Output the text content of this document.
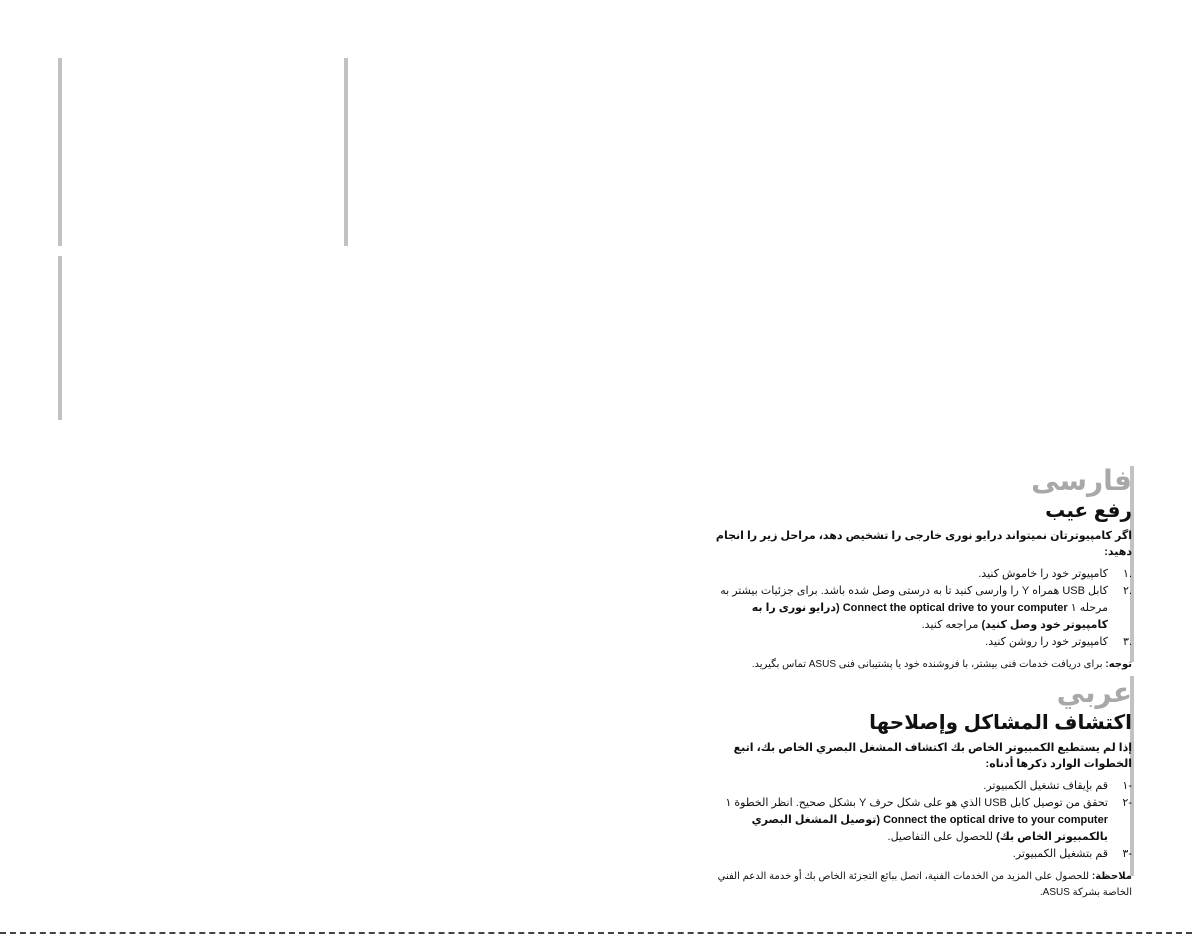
فارسی
رفع عیب

اگر کامپیوترتان نمیتواند درایو نوری خارجی را تشخیص دهد، مراحل زیر را انجام دهید:

.۱
کامپیوتر خود را خاموش کنید.
.۲
کابل USB همراه Y را وارسی کنید تا به درستی وصل شده باشد. برای جزئیات بیشتر به مرحله ۱ Connect the optical drive to your computer (درایو نوری را به کامپیوتر خود وصل کنید) مراجعه کنید.
.۳
کامپیوتر خود را روشن کنید.

توجه: برای دریافت خدمات فنی بیشتر، با فروشنده خود یا پشتیبانی فنی ASUS تماس بگیرید.

عربي
اكتشاف المشاكل وإصلاحها

إذا لم يستطيع الكمبيوتر الخاص بك اكتشاف المشغل البصري الخاص بك، اتبع الخطوات الوارد ذكرها أدناه:

-١
قم بإيقاف تشغيل الكمبيوتر.
-٢
تحقق من توصيل كابل USB الذي هو على شكل حرف Y بشكل صحيح. انظر الخطوة ١ Connect the optical drive to your computer (توصيل المشغل البصري بالكمبيوتر الخاص بك) للحصول على التفاصيل.
-٣
قم بتشغيل الكمبيوتر.

ملاحظة: للحصول على المزيد من الخدمات الفنية، اتصل ببائع التجزئة الخاص بك أو خدمة الدعم الفني الخاصة بشركة ASUS.
